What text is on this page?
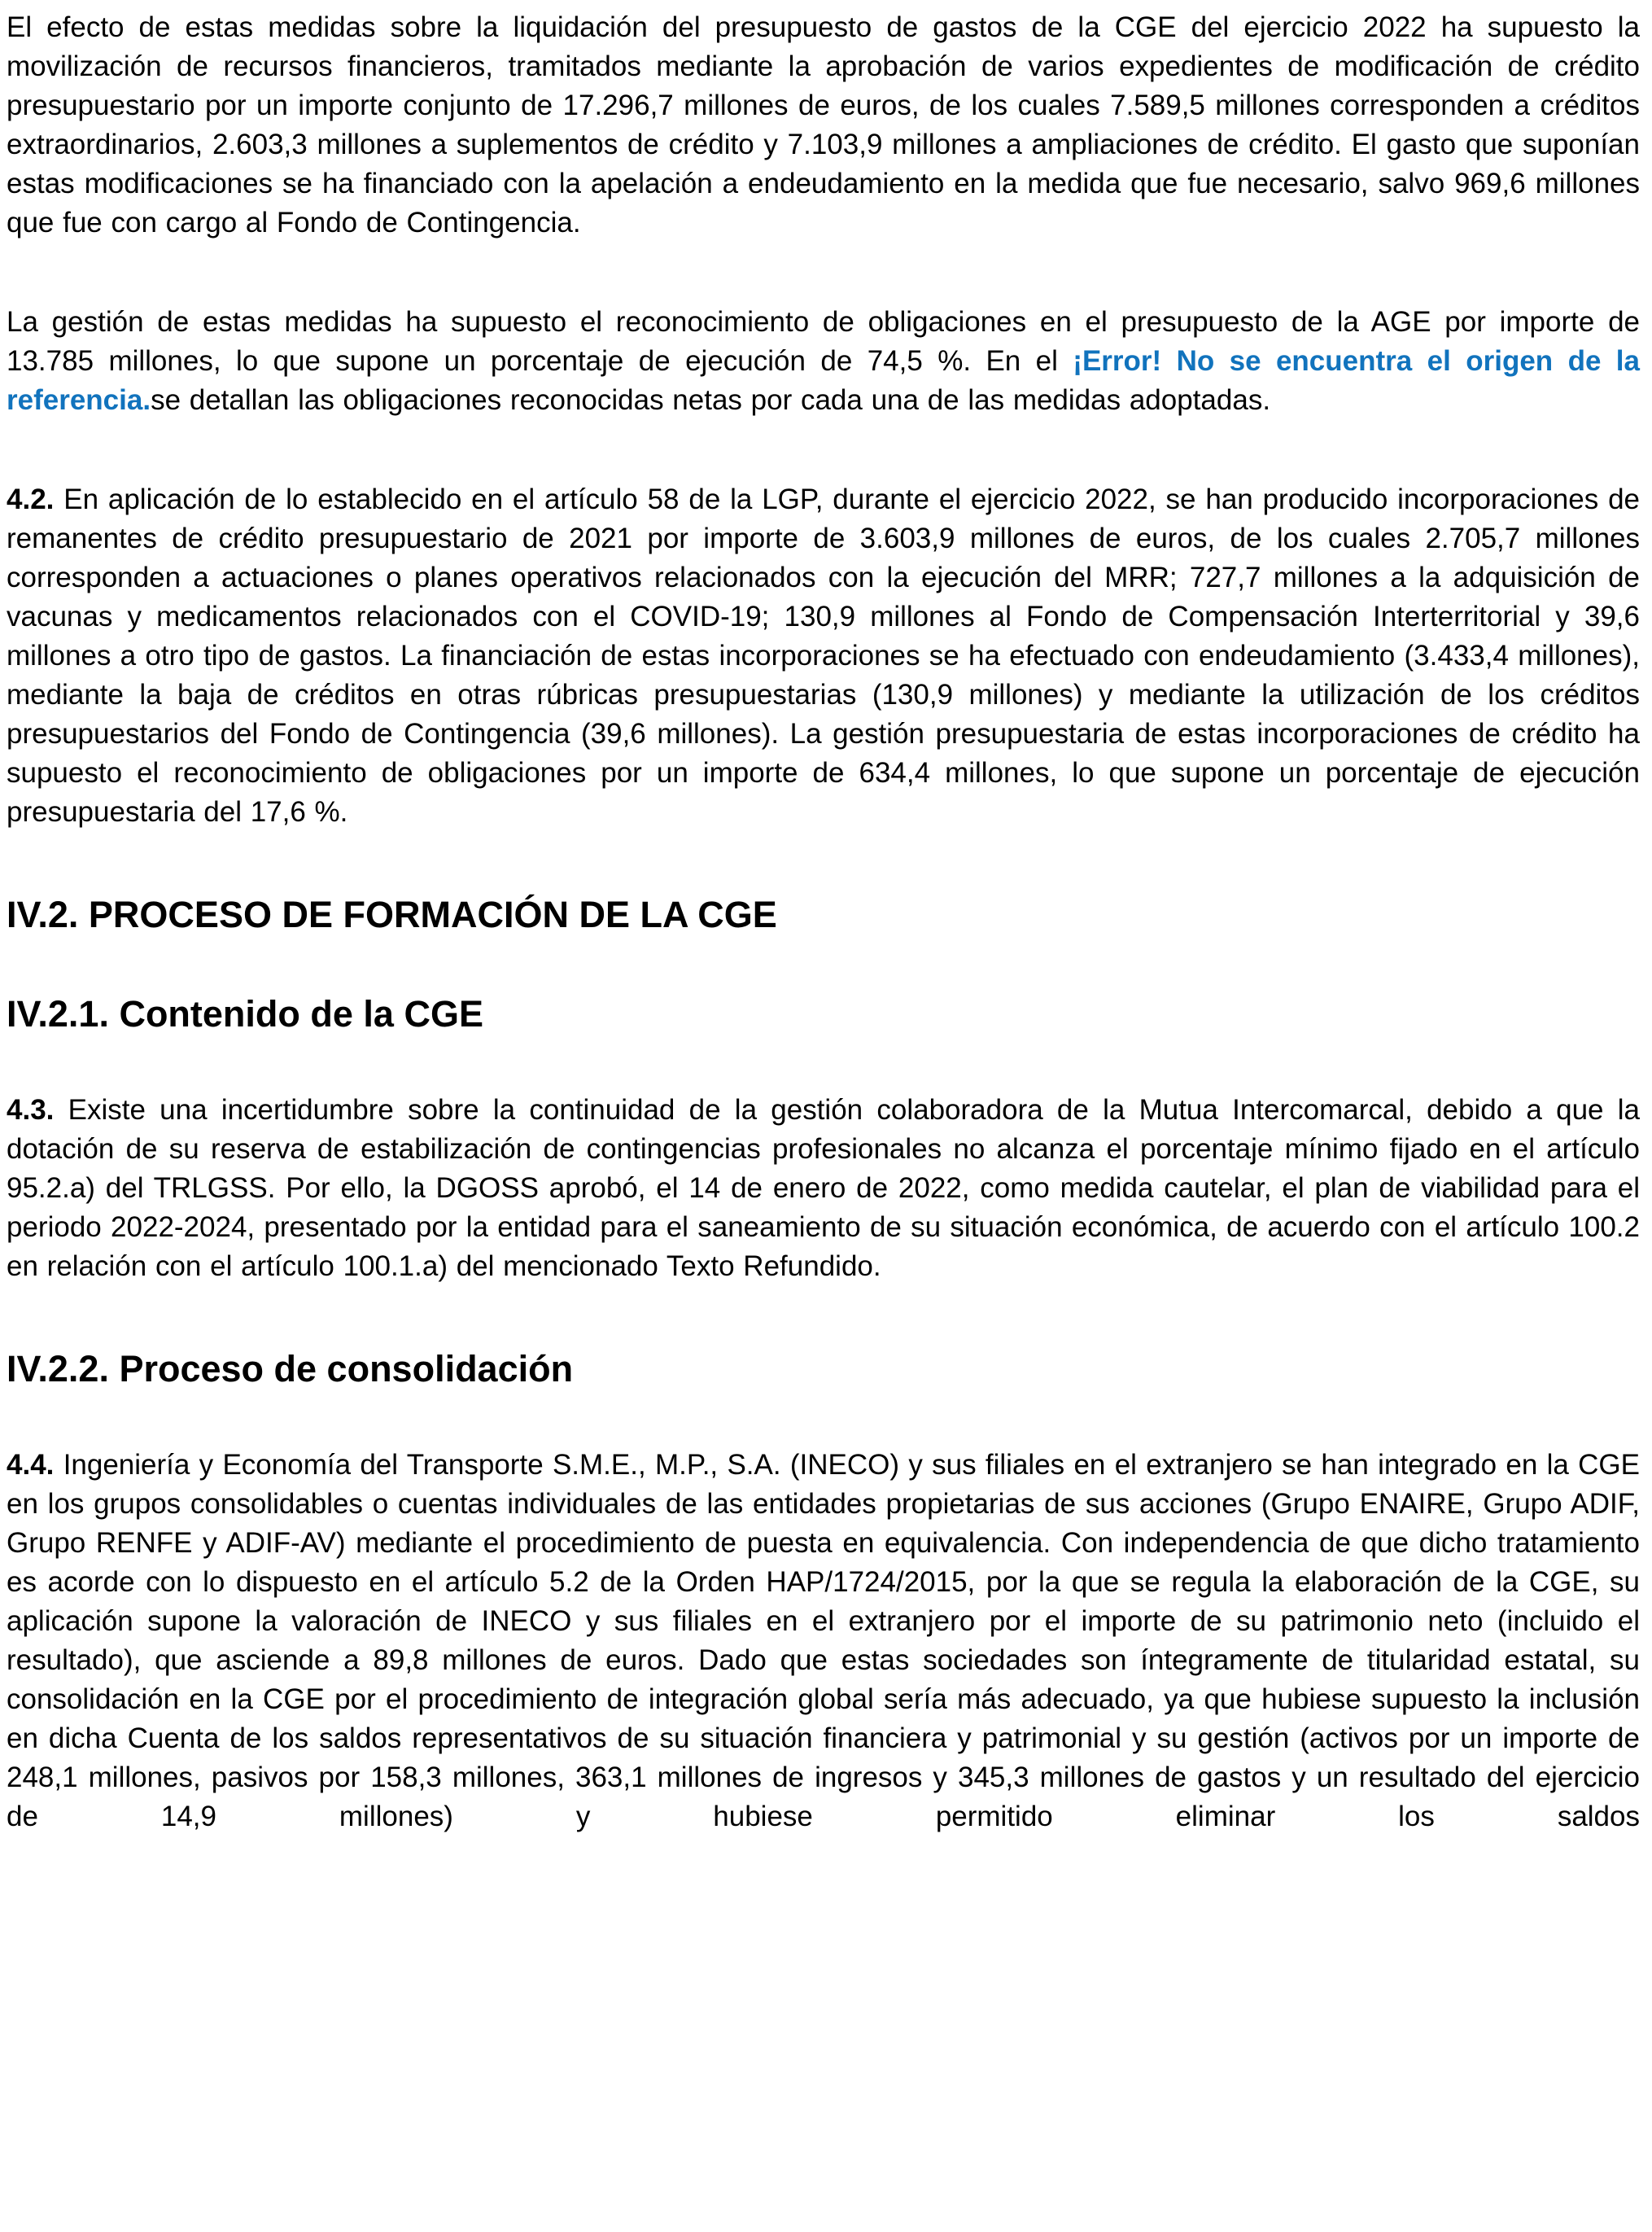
El efecto de estas medidas sobre la liquidación del presupuesto de gastos de la CGE del ejercicio 2022 ha supuesto la movilización de recursos financieros, tramitados mediante la aprobación de varios expedientes de modificación de crédito presupuestario por un importe conjunto de 17.296,7 millones de euros, de los cuales 7.589,5 millones corresponden a créditos extraordinarios, 2.603,3 millones a suplementos de crédito y 7.103,9 millones a ampliaciones de crédito. El gasto que suponían estas modificaciones se ha financiado con la apelación a endeudamiento en la medida que fue necesario, salvo 969,6 millones que fue con cargo al Fondo de Contingencia.

La gestión de estas medidas ha supuesto el reconocimiento de obligaciones en el presupuesto de la AGE por importe de 13.785 millones, lo que supone un porcentaje de ejecución de 74,5 %. En el ¡Error! No se encuentra el origen de la referencia.se detallan las obligaciones reconocidas netas por cada una de las medidas adoptadas.

4.2. En aplicación de lo establecido en el artículo 58 de la LGP, durante el ejercicio 2022, se han producido incorporaciones de remanentes de crédito presupuestario de 2021 por importe de 3.603,9 millones de euros, de los cuales 2.705,7 millones corresponden a actuaciones o planes operativos relacionados con la ejecución del MRR; 727,7 millones a la adquisición de vacunas y medicamentos relacionados con el COVID-19; 130,9 millones al Fondo de Compensación Interterritorial y 39,6 millones a otro tipo de gastos. La financiación de estas incorporaciones se ha efectuado con endeudamiento (3.433,4 millones), mediante la baja de créditos en otras rúbricas presupuestarias (130,9 millones) y mediante la utilización de los créditos presupuestarios del Fondo de Contingencia (39,6 millones). La gestión presupuestaria de estas incorporaciones de crédito ha supuesto el reconocimiento de obligaciones por un importe de 634,4 millones, lo que supone un porcentaje de ejecución presupuestaria del 17,6 %.

IV.2. PROCESO DE FORMACIÓN DE LA CGE
IV.2.1. Contenido de la CGE

4.3. Existe una incertidumbre sobre la continuidad de la gestión colaboradora de la Mutua Intercomarcal, debido a que la dotación de su reserva de estabilización de contingencias profesionales no alcanza el porcentaje mínimo fijado en el artículo 95.2.a) del TRLGSS. Por ello, la DGOSS aprobó, el 14 de enero de 2022, como medida cautelar, el plan de viabilidad para el periodo 2022-2024, presentado por la entidad para el saneamiento de su situación económica, de acuerdo con el artículo 100.2 en relación con el artículo 100.1.a) del mencionado Texto Refundido.

IV.2.2. Proceso de consolidación

4.4. Ingeniería y Economía del Transporte S.M.E., M.P., S.A. (INECO) y sus filiales en el extranjero se han integrado en la CGE en los grupos consolidables o cuentas individuales de las entidades propietarias de sus acciones (Grupo ENAIRE, Grupo ADIF, Grupo RENFE y ADIF-AV) mediante el procedimiento de puesta en equivalencia. Con independencia de que dicho tratamiento es acorde con lo dispuesto en el artículo 5.2 de la Orden HAP/1724/2015, por la que se regula la elaboración de la CGE, su aplicación supone la valoración de INECO y sus filiales en el extranjero por el importe de su patrimonio neto (incluido el resultado), que asciende a 89,8 millones de euros. Dado que estas sociedades son íntegramente de titularidad estatal, su consolidación en la CGE por el procedimiento de integración global sería más adecuado, ya que hubiese supuesto la inclusión en dicha Cuenta de los saldos representativos de su situación financiera y patrimonial y su gestión (activos por un importe de 248,1 millones, pasivos por 158,3 millones, 363,1 millones de ingresos y 345,3 millones de gastos y un resultado del ejercicio de 14,9 millones) y hubiese permitido eliminar los saldos
